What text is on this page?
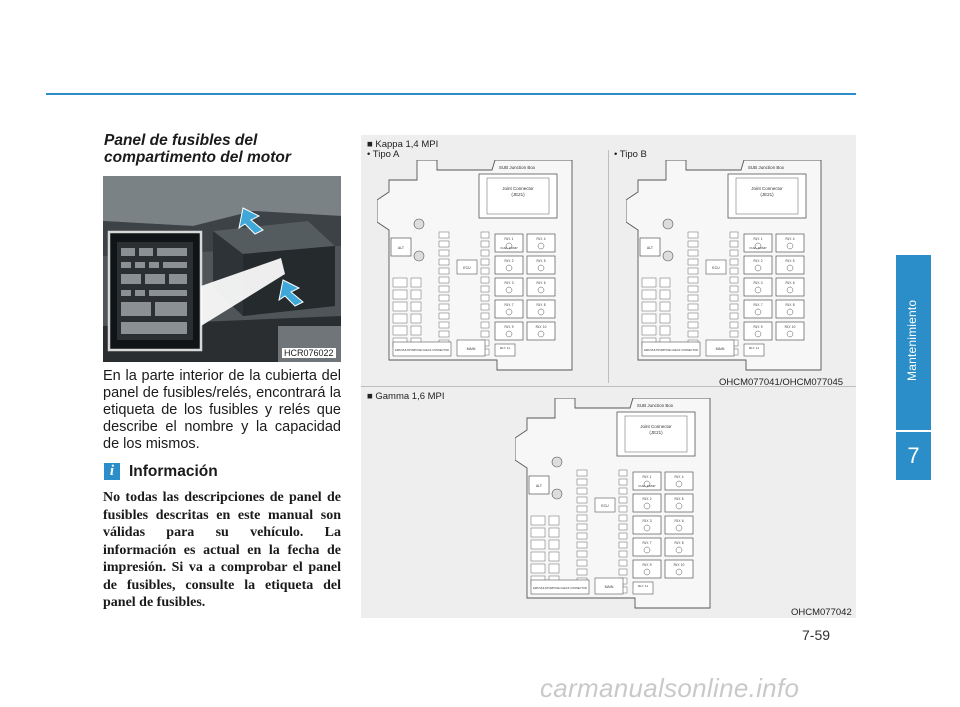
Panel de fusibles del
compartimento del motor
HCR076022
En la parte interior de la cubierta del panel de fusibles/relés, encontrará la etiqueta de los fusibles y relés que describe el nombre y la capacidad de los mismos.
i Información
No todas las descripciones de panel de fusibles descritas en este manual son válidas para su vehículo. La información es actual en la fecha de impresión. Si va a comprobar el panel de fusibles, consulte la etiqueta del panel de fusibles.
■ Kappa 1,4 MPI
• Tipo A	• Tipo B
OHCM077041/OHCM077045
■ Gamma 1,6 MPI
OHCM077042
SUB Junction Box
Joint Connector
(JE21)
ALT
ECU
RLY. 1	RLY. 4
RLY. 2	RLY. 5
RLY. 3	RLY. 6
RLY. 7	RLY. 8
RLY. 9	RLY. 10
FUEL PUMP
RLY. 11
MAIN
EMS MULTIPURPOSE CHECK CONNECTOR
SUB Junction Box
Joint Connector
(JE21)
ALT
ECU
RLY. 1	RLY. 4
RLY. 2	RLY. 5
RLY. 3	RLY. 6
RLY. 7	RLY. 8
RLY. 9	RLY. 10
FUEL PUMP
RLY. 11
MAIN
EMS MULTIPURPOSE CHECK CONNECTOR
SUB Junction Box
Joint Connector
(JE21)
ALT
ECU
RLY. 1	RLY. 4
RLY. 2	RLY. 5
RLY. 3	RLY. 6
RLY. 7	RLY. 8
RLY. 9	RLY. 10
FUEL PUMP
RLY. 11
MAIN
EMS MULTIPURPOSE CHECK CONNECTOR
Mantenimiento
7
7-59
carmanualsonline.info
